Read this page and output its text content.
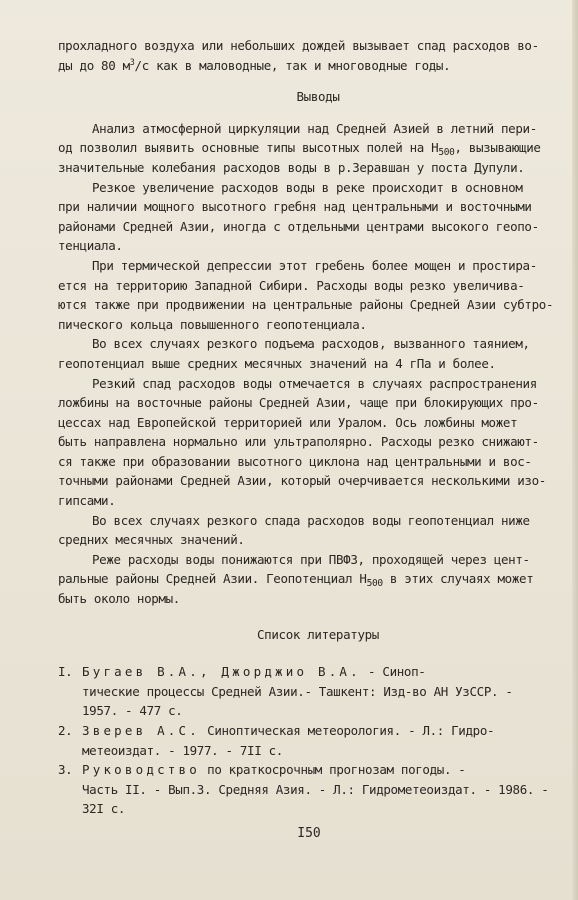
прохладного воздуха или небольших дождей вызывает спад расходов во-
ды до 80 $м^3/с$ как в маловодные, так и многоводные годы.
Выводы
Анализ атмосферной циркуляции над Средней Азией в летний пери-
од позволил выявить основные типы высотных полей на $H_{500}$, вызывающие
значительные колебания расходов воды в р.Зеравшан у поста Дупули.
Резкое увеличение расходов воды в реке происходит в основном
при наличии мощного высотного гребня над центральными и восточными
районами Средней Азии, иногда с отдельными центрами высокого геопо-
тенциала.
При термической депрессии этот гребень более мощен и простира-
ется на территорию Западной Сибири. Расходы воды резко увеличива-
ются также при продвижении на центральные районы Средней Азии субтро-
пического кольца повышенного геопотенциала.
Во всех случаях резкого подъема расходов, вызванного таянием,
геопотенциал выше средних месячных значений на 4 гПа и более.
Резкий спад расходов воды отмечается в случаях распространения
ложбины на восточные районы Средней Азии, чаще при блокирующих про-
цессах над Европейской территорией или Уралом. Ось ложбины может
быть направлена нормально или ультраполярно. Расходы резко снижают-
ся также при образовании высотного циклона над центральными и вос-
точными районами Средней Азии, который очерчивается несколькими изо-
гипсами.
Во всех случаях резкого спада расходов воды геопотенциал ниже
средних месячных значений.
Реже расходы воды понижаются при ПВФЗ, проходящей через цент-
ральные районы Средней Азии. Геопотенциал $H_{500}$ в этих случаях может
быть около нормы.
Список литературы
I. Бугаев В.А., Джорджио В.А. - Синоп-
тические процессы Средней Азии.- Ташкент: Изд-во АН УзССР. -
1957. - 477 с.
2. Зверев А.С. Синоптическая метеорология. - Л.: Гидро-
метеоиздат. - 1977. - 7II с.
3. Руководство по краткосрочным прогнозам погоды. -
Часть II. - Вып.3. Средняя Азия. - Л.: Гидрометеоиздат. - 1986. -
32I с.
I50
